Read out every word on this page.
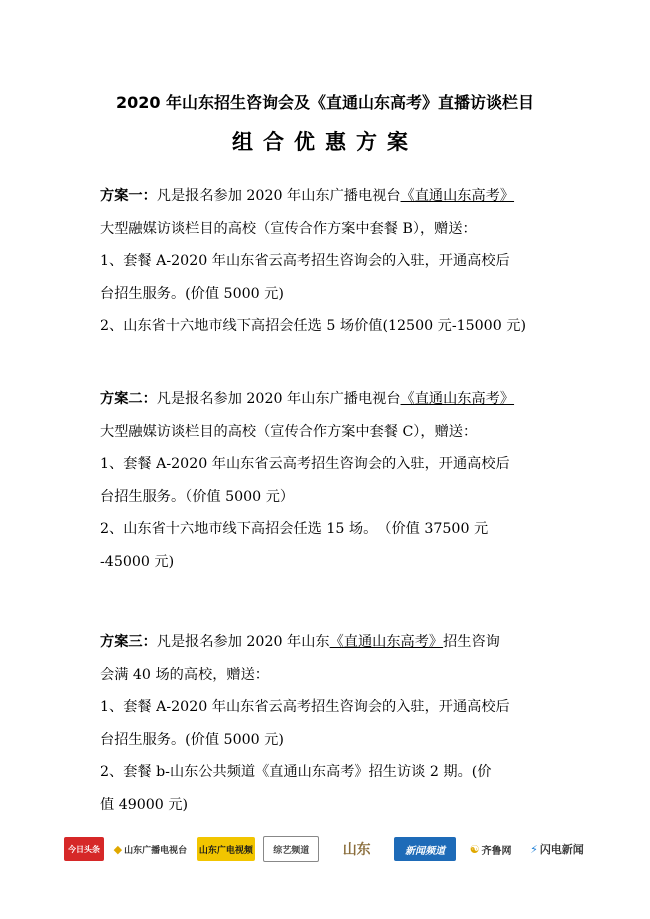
2020 年山东招生咨询会及《直通山东高考》直播访谈栏目
组合优惠方案
方案一：凡是报名参加 2020 年山东广播电视台《直通山东高考》
大型融媒访谈栏目的高校（宣传合作方案中套餐 B），赠送：
1、套餐 A-2020 年山东省云高考招生咨询会的入驻，开通高校后
台招生服务。(价值 5000 元)
2、山东省十六地市线下高招会任选 5 场价值(12500 元-15000 元)
方案二：凡是报名参加 2020 年山东广播电视台《直通山东高考》
大型融媒访谈栏目的高校（宣传合作方案中套餐 C），赠送：
1、套餐 A-2020 年山东省云高考招生咨询会的入驻，开通高校后
台招生服务。（价值 5000 元）
2、山东省十六地市线下高招会任选 15 场。　（价值 37500 元
-45000 元)
方案三：凡是报名参加 2020 年山东《直通山东高考》招生咨询
会满 40 场的高校，赠送：
1、套餐 A-2020 年山东省云高考招生咨询会的入驻，开通高校后
台招生服务。(价值 5000 元)
2、套餐 b-山东公共频道《直通山东高考》招生访谈 2 期。(价
值 49000 元)
今日头条 ◆ 山东广播电视台 山东广电视频 综艺频道 山东	新闻频道 ☯ 齐鲁网 ⚡ 闪电新闻
